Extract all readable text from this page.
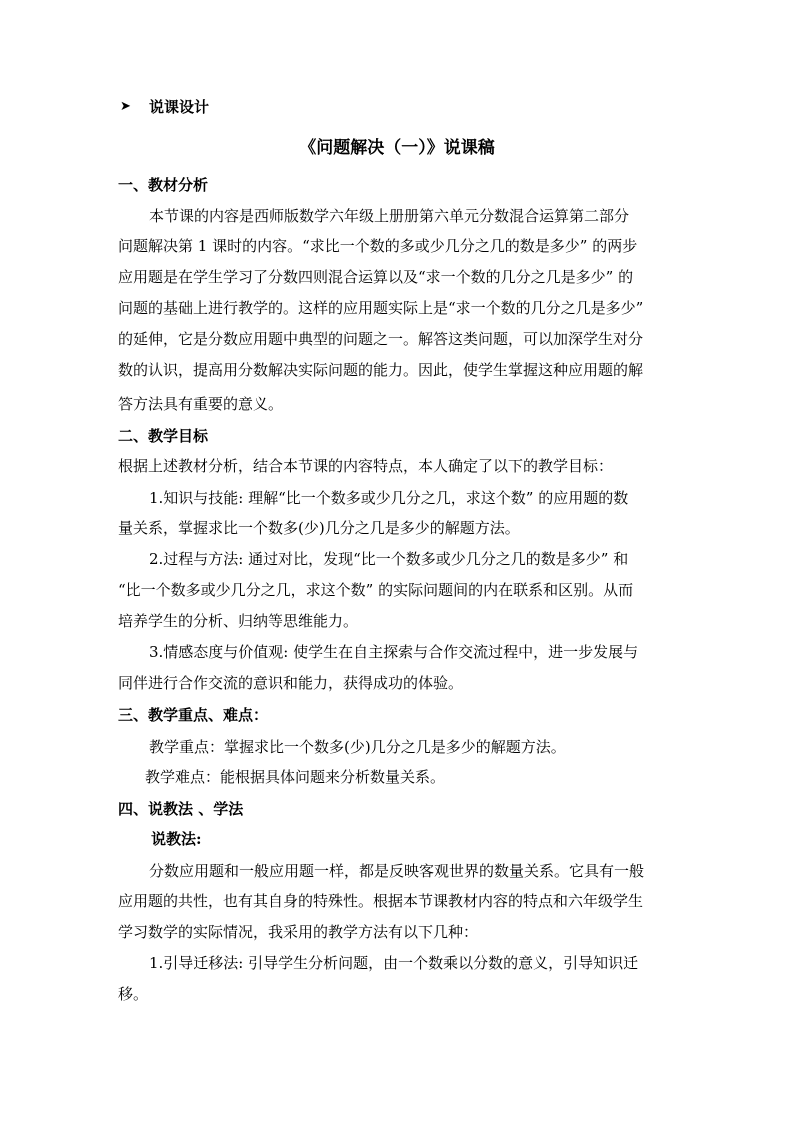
➤ 说课设计
《问题解决（一）》说课稿
一、教材分析
本节课的内容是西师版数学六年级上册册第六单元分数混合运算第二部分
问题解决第 1 课时的内容。“求比一个数的多或少几分之几的数是多少” 的两步
应用题是在学生学习了分数四则混合运算以及“求一个数的几分之几是多少” 的
问题的基础上进行教学的。这样的应用题实际上是“求一个数的几分之几是多少”
的延伸，它是分数应用题中典型的问题之一。解答这类问题，可以加深学生对分
数的认识，提高用分数解决实际问题的能力。因此，使学生掌握这种应用题的解
答方法具有重要的意义。
二、教学目标
根据上述教材分析，结合本节课的内容特点，本人确定了以下的教学目标：
1.知识与技能: 理解“比一个数多或少几分之几，求这个数” 的应用题的数
量关系，掌握求比一个数多(少)几分之几是多少的解题方法。
2.过程与方法: 通过对比，发现“比一个数多或少几分之几的数是多少” 和
“比一个数多或少几分之几，求这个数” 的实际问题间的内在联系和区别。从而
培养学生的分析、归纳等思维能力。
3.情感态度与价值观: 使学生在自主探索与合作交流过程中，进一步发展与
同伴进行合作交流的意识和能力，获得成功的体验。
三、教学重点、难点：
教学重点：掌握求比一个数多(少)几分之几是多少的解题方法。
教学难点：能根据具体问题来分析数量关系。
四、说教法 、学法
说教法:
分数应用题和一般应用题一样，都是反映客观世界的数量关系。它具有一般
应用题的共性，也有其自身的特殊性。根据本节课教材内容的特点和六年级学生
学习数学的实际情况，我采用的教学方法有以下几种：
1.引导迁移法: 引导学生分析问题，由一个数乘以分数的意义，引导知识迁
移。
